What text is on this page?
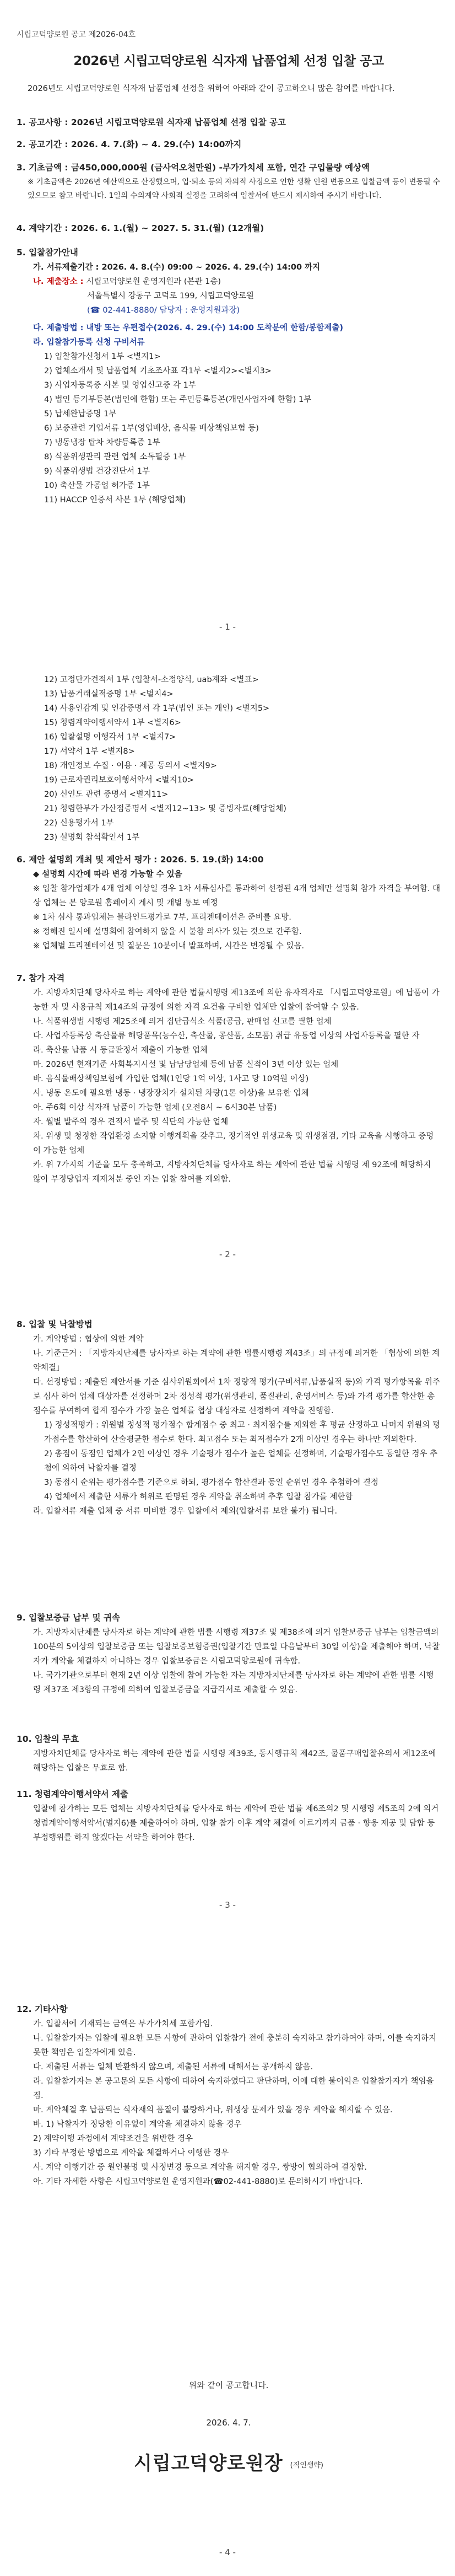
시립고덕양로원 공고 제2026-04호
2026년 시립고덕양로원 식자재 납품업체 선정 입찰 공고

2026년도 시립고덕양로원 식자재 납품업체 선정을 위하여 아래와 같이 공고하오니 많은 참여를 바랍니다.

1. 공고사항 : 2026년 시립고덕양로원 식자재 납품업체 선정 입찰 공고

2. 공고기간 : 2026. 4. 7.(화) ~ 4. 29.(수) 14:00까지

3. 기초금액 : 금450,000,000원 (금사억오천만원) -부가가치세 포함, 연간 구입물량 예상액

※ 기초금액은 2026년 예산액으로 산정했으며, 입·퇴소 등의 자의적 사정으로 인한 생활 인원 변동으로 입찰금액 등이 변동될 수 있으므로 참고 바랍니다. 1일의 수의계약 사회적 실정을 고려하여 입찰서에 반드시 제시하여 주시기 바랍니다.

4. 계약기간 : 2026. 6. 1.(월) ~ 2027. 5. 31.(월) (12개월)

5. 입찰참가안내

가. 서류제출기간 : 2026. 4. 8.(수) 09:00 ~ 2026. 4. 29.(수) 14:00 까지

나. 제출장소 : 시립고덕양로원 운영지원과 (본관 1층)

서울특별시 강동구 고덕로 199, 시립고덕양로원

(☎ 02-441-8880/ 담당자 : 운영지원과장)

다. 제출방법 : 내방 또는 우편접수(2026. 4. 29.(수) 14:00 도착분에 한함/봉함제출)

라. 입찰참가등록 신청 구비서류

1) 입찰참가신청서 1부 <별지1>

2) 업체소개서 및 납품업체 기초조사표 각1부 <별지2><별지3>

3) 사업자등록증 사본 및 영업신고증 각 1부

4) 법인 등기부등본(법인에 한함) 또는 주민등록등본(개인사업자에 한함) 1부

5) 납세완납증명 1부

6) 보증관련 기업서류 1부(영업배상, 음식물 배상책임보험 등)

7) 냉동냉장 탑차 차량등록증 1부

8) 식품위생관리 관련 업체 소독필증 1부

9) 식품위생법 건강진단서 1부

10) 축산물 가공업 허가증 1부

11) HACCP 인증서 사본 1부 (해당업체)

- 1 -

12) 고정단가견적서 1부 (입찰서-소정양식, uab계좌 <별표>

13) 납품거래실적증명 1부 <별지4>

14) 사용인감계 및 인감증명서 각 1부(법인 또는 개인) <별지5>

15) 청렴계약이행서약서 1부 <별지6>

16) 입찰설명 이행각서 1부 <별지7>

17) 서약서 1부 <별지8>

18) 개인정보 수집 · 이용 · 제공 동의서 <별지9>

19) 근로자권리보호이행서약서 <별지10>

20) 신인도 관련 증명서 <별지11>

21) 청렴한부가 가산점증명서 <별지12~13> 및 증빙자료(해당업체)

22) 신용평가서 1부

23) 설명회 참석확인서 1부

6. 제안 설명회 개최 및 제안서 평가 : 2026. 5. 19.(화) 14:00

◆ 설명회 시간에 따라 변경 가능할 수 있음

※ 입찰 참가업체가 4개 업체 이상일 경우 1차 서류심사를 통과하여 선정된 4개 업체만 설명회 참가 자격을 부여함. 대상 업체는 본 양로원 홈페이지 게시 및 개별 통보 예정

※ 1차 심사 통과업체는 블라인드평가로 7부, 프리젠테이션은 준비를 요망.

※ 정해진 일시에 설명회에 참여하지 않을 시 불참 의사가 있는 것으로 간주함.

※ 업체별 프리젠테이션 및 질문은 10분이내 발표하며, 시간은 변경될 수 있음.

7. 참가 자격

가. 지방자치단체 당사자로 하는 계약에 관한 법률시행령 제13조에 의한 유자격자로 「시립고덕양로원」에 납품이 가능한 자 및 사용규칙 제14조의 규정에 의한 자격 요건을 구비한 업체만 입찰에 참여할 수 있음.

나. 식품위생법 시행령 제25조에 의거 집단급식소 식품(공급, 판매업 신고를 필한 업체

다. 사업자등록상 축산물류 해당품목(농수산, 축산물, 공산품, 소모품) 취급 유통업 이상의 사업자등록을 필한 자

라. 축산물 납품 시 등급판정서 제출이 가능한 업체

마. 2026년 현재기준 사회복지시설 및 납남당업체 등에 납품 실적이 3년 이상 있는 업체

바. 음식물배상책임보험에 가입한 업체(1인당 1억 이상, 1사고 당 10억원 이상)

사. 냉동 온도에 필요한 냉동 · 냉장장치가 설치된 차량(1톤 이상)을 보유한 업체

아. 주6회 이상 식자재 납품이 가능한 업체 (오전8시 ~ 6시30분 납품)

자. 월별 발주의 경우 견적서 발주 및 식단의 가능한 업체

차. 위생 및 청정한 작업환경 소지할 이행계획을 갖추고, 정기적인 위생교육 및 위생점검, 기타 교육을 시행하고 증명이 가능한 업체

카. 위 7가지의 기준을 모두 충족하고, 지방자치단체를 당사자로 하는 계약에 관한 법률 시행령 제 92조에 해당하지 않아 부정당업자 제재처분 중인 자는 입찰 참여를 제외함.

- 2 -

8. 입찰 및 낙찰방법

가. 계약방법 : 협상에 의한 계약

나. 기준근거 : 「지방자치단체를 당사자로 하는 계약에 관한 법률시행령 제43조」의 규정에 의거한 「협상에 의한 계약체결」

다. 선정방법 : 제출된 제안서를 기준 심사위원회에서 1차 정량적 평가(구비서류,납품실적 등)와 가격 평가항목을 위주로 심사 하여 업체 대상자를 선정하며 2차 정성적 평가(위생관리, 품질관리, 운영서비스 등)와 가격 평가를 합산한 총 점수를 부여하여 합계 점수가 가장 높은 업체를 협상 대상자로 선정하여 계약을 진행함.

1) 정성적평가 : 위원별 정성적 평가점수 합계점수 중 최고 · 최저점수를 제외한 후 평균 산정하고 나머지 위원의 평가점수를 합산하여 산술평균한 점수로 한다. 최고점수 또는 최저점수가 2개 이상인 경우는 하나만 제외한다.

2) 총점이 동점인 업체가 2인 이상인 경우 기술평가 점수가 높은 업체를 선정하며, 기술평가점수도 동일한 경우 추첨에 의하여 낙찰자를 결정

3) 동점시 순위는 평가점수를 기준으로 하되, 평가점수 합산결과 동일 순위인 경우 추첨하여 결정

4) 업체에서 제출한 서류가 허위로 판명된 경우 계약을 취소하며 추후 입찰 참가를 제한함

라. 입찰서류 제출 업체 중 서류 미비한 경우 입찰에서 제외(입찰서류 보완 불가) 됩니다.

9. 입찰보증금 납부 및 귀속

가. 지방자치단체를 당사자로 하는 계약에 관한 법률 시행령 제37조 및 제38조에 의거 입찰보증금 납부는 입찰금액의 100분의 5이상의 입찰보증금 또는 입찰보증보험증권(입찰기간 만료일 다음날부터 30일 이상)을 제출해야 하며, 낙찰자가 계약을 체결하지 아니하는 경우 입찰보증금은 시립고덕양로원에 귀속함.

나. 국가기관으로부터 현재 2년 이상 입찰에 참여 가능한 자는 지방자치단체를 당사자로 하는 계약에 관한 법률 시행령 제37조 제3항의 규정에 의하여 입찰보증금을 지급각서로 제출할 수 있음.

10. 입찰의 무효

지방자치단체를 당사자로 하는 계약에 관한 법률 시행령 제39조, 동시행규칙 제42조, 물품구매입찰유의서 제12조에 해당하는 입찰은 무효로 함.

11. 청렴계약이행서약서 제출

입찰에 참가하는 모든 업체는 지방자치단체를 당사자로 하는 계약에 관한 법률 제6조의2 및 시행령 제5조의 2에 의거 청렴계약이행서약서(별지6)를 제출하여야 하며, 입찰 참가 이후 계약 체결에 이르기까지 금품 · 향응 제공 및 담합 등 부정행위를 하지 않겠다는 서약을 하여야 한다.

- 3 -

12. 기타사항

가. 입찰서에 기재되는 금액은 부가가치세 포함가임.

나. 입찰참가자는 입찰에 필요한 모든 사항에 관하여 입찰참가 전에 충분히 숙지하고 참가하여야 하며, 이를 숙지하지 못한 책임은 입찰자에게 있음.

다. 제출된 서류는 일체 반환하지 않으며, 제출된 서류에 대해서는 공개하지 않음.

라. 입찰참가자는 본 공고문의 모든 사항에 대하여 숙지하였다고 판단하며, 이에 대한 불이익은 입찰참가자가 책임을 짐.

마. 계약체결 후 납품되는 식자재의 품질이 불량하거나, 위생상 문제가 있을 경우 계약을 해지할 수 있음.

바. 1) 낙찰자가 정당한 이유없이 계약을 체결하지 않을 경우

2) 계약이행 과정에서 계약조건을 위반한 경우

3) 기타 부정한 방법으로 계약을 체결하거나 이행한 경우

사. 계약 이행기간 중 원인불명 및 사정변경 등으로 계약을 해지할 경우, 쌍방이 협의하여 결정함.

아. 기타 자세한 사항은 시립고덕양로원 운영지원과(☎02-441-8880)로 문의하시기 바랍니다.

위와 같이 공고합니다.

2026. 4. 7.

시립고덕양로원장 (직인생략)
- 4 -
